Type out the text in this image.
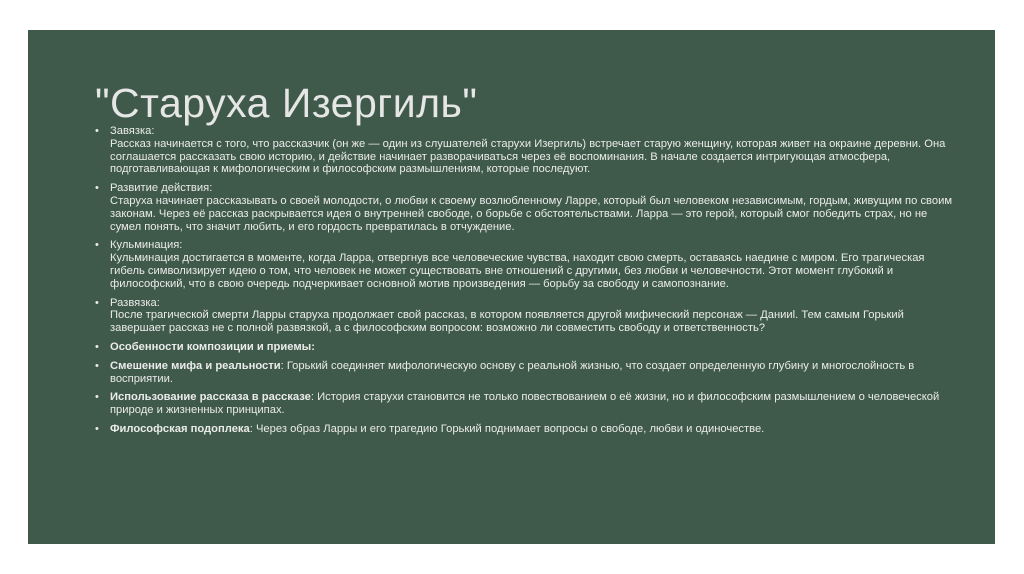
"Старуха Изергиль"
• Завязка:
Рассказ начинается с того, что рассказчик (он же — один из слушателей старухи Изергиль) встречает старую женщину, которая живет на окраине деревни. Она соглашается рассказать свою историю, и действие начинает разворачиваться через её воспоминания. В начале создается интригующая атмосфера, подготавливающая к мифологическим и философским размышлениям, которые последуют.
• Развитие действия:
Старуха начинает рассказывать о своей молодости, о любви к своему возлюбленному Ларре, который был человеком независимым, гордым, живущим по своим законам. Через её рассказ раскрывается идея о внутренней свободе, о борьбе с обстоятельствами. Ларра — это герой, который смог победить страх, но не сумел понять, что значит любить, и его гордость превратилась в отчуждение.
• Кульминация:
Кульминация достигается в моменте, когда Ларра, отвергнув все человеческие чувства, находит свою смерть, оставаясь наедине с миром. Его трагическая гибель символизирует идею о том, что человек не может существовать вне отношений с другими, без любви и человечности. Этот момент глубокий и философский, что в свою очередь подчеркивает основной мотив произведения — борьбу за свободу и самопознание.
• Развязка:
После трагической смерти Ларры старуха продолжает свой рассказ, в котором появляется другой мифический персонаж — Данииl. Тем самым Горький завершает рассказ не с полной развязкой, а с философским вопросом: возможно ли совместить свободу и ответственность?
• Особенности композиции и приемы:
• Смешение мифа и реальности: Горький соединяет мифологическую основу с реальной жизнью, что создает определенную глубину и многослойность в восприятии.
• Использование рассказа в рассказе: История старухи становится не только повествованием о её жизни, но и философским размышлением о человеческой природе и жизненных принципах.
• Философская подоплека: Через образ Ларры и его трагедию Горький поднимает вопросы о свободе, любви и одиночестве.
